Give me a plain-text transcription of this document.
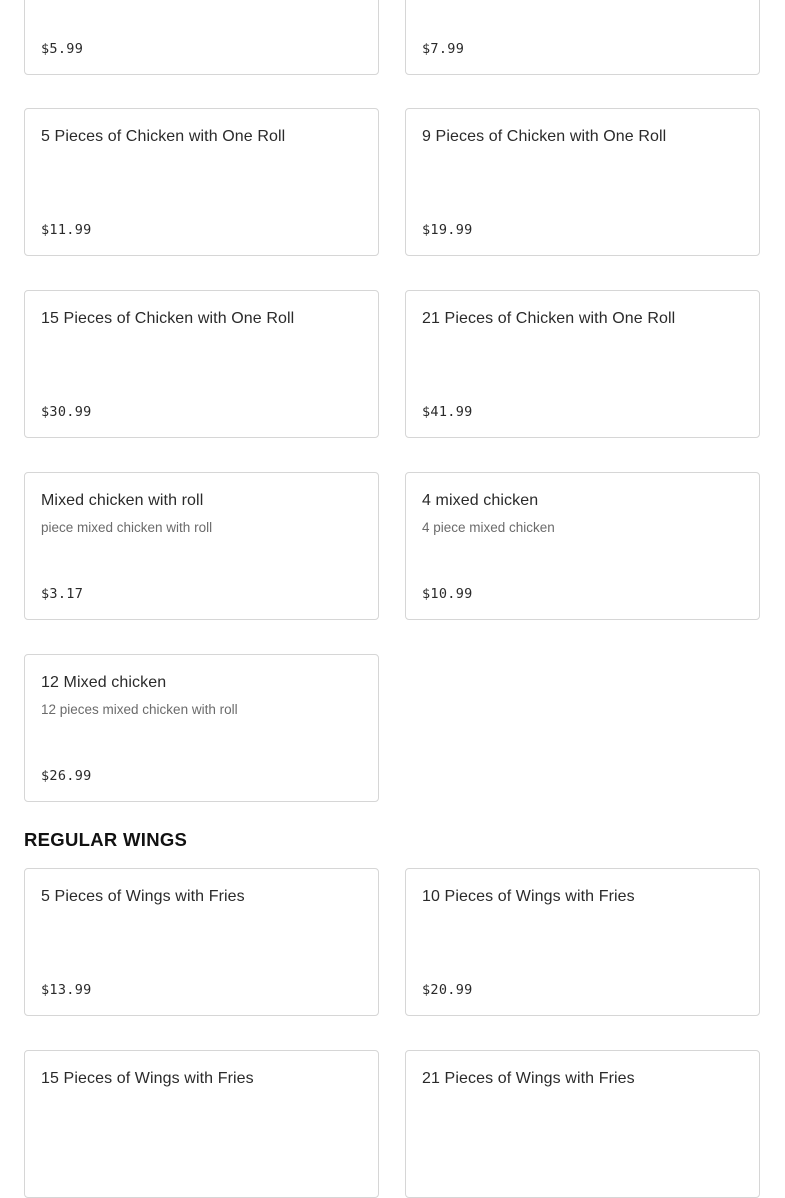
$5.99	$7.99
5 Pieces of Chicken with One Roll
$11.99
9 Pieces of Chicken with One Roll
$19.99
15 Pieces of Chicken with One Roll
$30.99
21 Pieces of Chicken with One Roll
$41.99
Mixed chicken with roll
piece mixed chicken with roll
$3.17
4 mixed chicken
4 piece mixed chicken
$10.99
12 Mixed chicken
12 pieces mixed chicken with roll
$26.99
REGULAR WINGS
5 Pieces of Wings with Fries
$13.99
10 Pieces of Wings with Fries
$20.99
15 Pieces of Wings with Fries	21 Pieces of Wings with Fries
